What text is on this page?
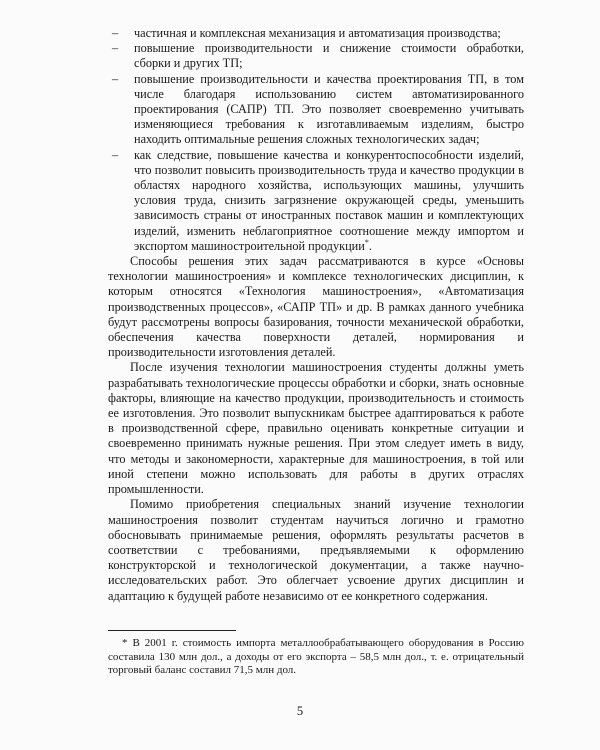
– частичная и комплексная механизация и автоматизация производства;
– повышение производительности и снижение стоимости обработки, сборки и других ТП;
– повышение производительности и качества проектирования ТП, в том числе благодаря использованию систем автоматизированного проектирования (САПР) ТП. Это позволяет своевременно учитывать изменяющиеся требования к изготавливаемым изделиям, быстро находить оптимальные решения сложных технологических задач;
– как следствие, повышение качества и конкурентоспособности изделий, что позволит повысить производительность труда и качество продукции в областях народного хозяйства, использующих машины, улучшить условия труда, снизить загрязнение окружающей среды, уменьшить зависимость страны от иностранных поставок машин и комплектующих изделий, изменить неблагоприятное соотношение между импортом и экспортом машиностроительной продукции*.

Способы решения этих задач рассматриваются в курсе «Основы технологии машиностроения» и комплексе технологических дисциплин, к которым относятся «Технология машиностроения», «Автоматизация производственных процессов», «САПР ТП» и др. В рамках данного учебника будут рассмотрены вопросы базирования, точности механической обработки, обеспечения качества поверхности деталей, нормирования и производительности изготовления деталей.

После изучения технологии машиностроения студенты должны уметь разрабатывать технологические процессы обработки и сборки, знать основные факторы, влияющие на качество продукции, производительность и стоимость ее изготовления. Это позволит выпускникам быстрее адаптироваться к работе в производственной сфере, правильно оценивать конкретные ситуации и своевременно принимать нужные решения. При этом следует иметь в виду, что методы и закономерности, характерные для машиностроения, в той или иной степени можно использовать для работы в других отраслях промышленности.

Помимо приобретения специальных знаний изучение технологии машиностроения позволит студентам научиться логично и грамотно обосновывать принимаемые решения, оформлять результаты расчетов в соответствии с требованиями, предъявляемыми к оформлению конструкторской и технологической документации, а также научно-исследовательских работ. Это облегчает усвоение других дисциплин и адаптацию к будущей работе независимо от ее конкретного содержания.

* В 2001 г. стоимость импорта металлообрабатывающего оборудования в Россию составила 130 млн дол., а доходы от его экспорта – 58,5 млн дол., т. е. отрицательный торговый баланс составил 71,5 млн дол.
5
